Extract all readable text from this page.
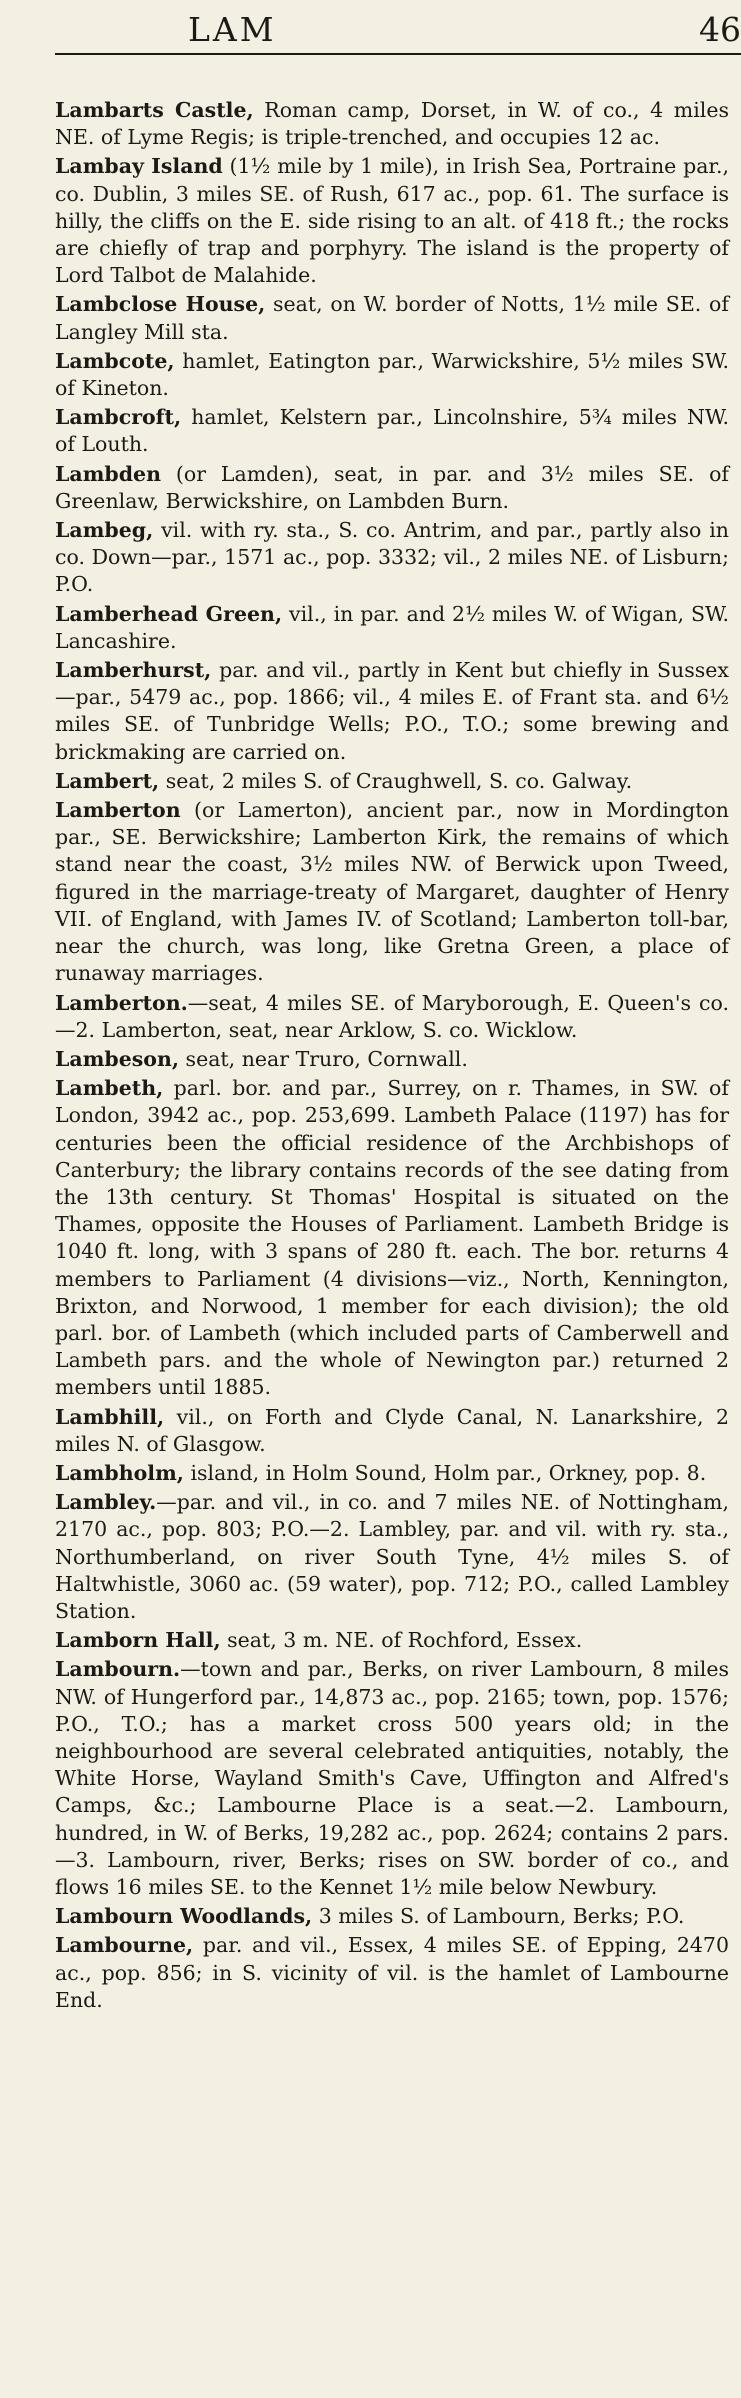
LAM	46

Lambarts Castle, Roman camp, Dorset, in W. of co., 4 miles NE. of Lyme Regis; is triple-trenched, and occupies 12 ac.

Lambay Island (1½ mile by 1 mile), in Irish Sea, Portraine par., co. Dublin, 3 miles SE. of Rush, 617 ac., pop. 61. The surface is hilly, the cliffs on the E. side rising to an alt. of 418 ft.; the rocks are chiefly of trap and porphyry. The island is the property of Lord Talbot de Malahide.

Lambclose House, seat, on W. border of Notts, 1½ mile SE. of Langley Mill sta.

Lambcote, hamlet, Eatington par., Warwickshire, 5½ miles SW. of Kineton.

Lambcroft, hamlet, Kelstern par., Lincolnshire, 5¾ miles NW. of Louth.

Lambden (or Lamden), seat, in par. and 3½ miles SE. of Greenlaw, Berwickshire, on Lambden Burn.

Lambeg, vil. with ry. sta., S. co. Antrim, and par., partly also in co. Down—par., 1571 ac., pop. 3332; vil., 2 miles NE. of Lisburn; P.O.

Lamberhead Green, vil., in par. and 2½ miles W. of Wigan, SW. Lancashire.

Lamberhurst, par. and vil., partly in Kent but chiefly in Sussex—par., 5479 ac., pop. 1866; vil., 4 miles E. of Frant sta. and 6½ miles SE. of Tunbridge Wells; P.O., T.O.; some brewing and brickmaking are carried on.

Lambert, seat, 2 miles S. of Craughwell, S. co. Galway.

Lamberton (or Lamerton), ancient par., now in Mordington par., SE. Berwickshire; Lamberton Kirk, the remains of which stand near the coast, 3½ miles NW. of Berwick upon Tweed, figured in the marriage-treaty of Margaret, daughter of Henry VII. of England, with James IV. of Scotland; Lamberton toll-bar, near the church, was long, like Gretna Green, a place of runaway marriages.

Lamberton.—seat, 4 miles SE. of Maryborough, E. Queen's co.—2. Lamberton, seat, near Arklow, S. co. Wicklow.

Lambeson, seat, near Truro, Cornwall.

Lambeth, parl. bor. and par., Surrey, on r. Thames, in SW. of London, 3942 ac., pop. 253,699. Lambeth Palace (1197) has for centuries been the official residence of the Archbishops of Canterbury; the library contains records of the see dating from the 13th century. St Thomas' Hospital is situated on the Thames, opposite the Houses of Parliament. Lambeth Bridge is 1040 ft. long, with 3 spans of 280 ft. each. The bor. returns 4 members to Parliament (4 divisions—viz., North, Kennington, Brixton, and Norwood, 1 member for each division); the old parl. bor. of Lambeth (which included parts of Camberwell and Lambeth pars. and the whole of Newington par.) returned 2 members until 1885.

Lambhill, vil., on Forth and Clyde Canal, N. Lanarkshire, 2 miles N. of Glasgow.

Lambholm, island, in Holm Sound, Holm par., Orkney, pop. 8.

Lambley.—par. and vil., in co. and 7 miles NE. of Nottingham, 2170 ac., pop. 803; P.O.—2. Lambley, par. and vil. with ry. sta., Northumberland, on river South Tyne, 4½ miles S. of Haltwhistle, 3060 ac. (59 water), pop. 712; P.O., called Lambley Station.

Lamborn Hall, seat, 3 m. NE. of Rochford, Essex.

Lambourn.—town and par., Berks, on river Lambourn, 8 miles NW. of Hungerford par., 14,873 ac., pop. 2165; town, pop. 1576; P.O., T.O.; has a market cross 500 years old; in the neighbourhood are several celebrated antiquities, notably, the White Horse, Wayland Smith's Cave, Uffington and Alfred's Camps, &c.; Lambourne Place is a seat.—2. Lambourn, hundred, in W. of Berks, 19,282 ac., pop. 2624; contains 2 pars.—3. Lambourn, river, Berks; rises on SW. border of co., and flows 16 miles SE. to the Kennet 1½ mile below Newbury.

Lambourn Woodlands, 3 miles S. of Lambourn, Berks; P.O.

Lambourne, par. and vil., Essex, 4 miles SE. of Epping, 2470 ac., pop. 856; in S. vicinity of vil. is the hamlet of Lambourne End.
